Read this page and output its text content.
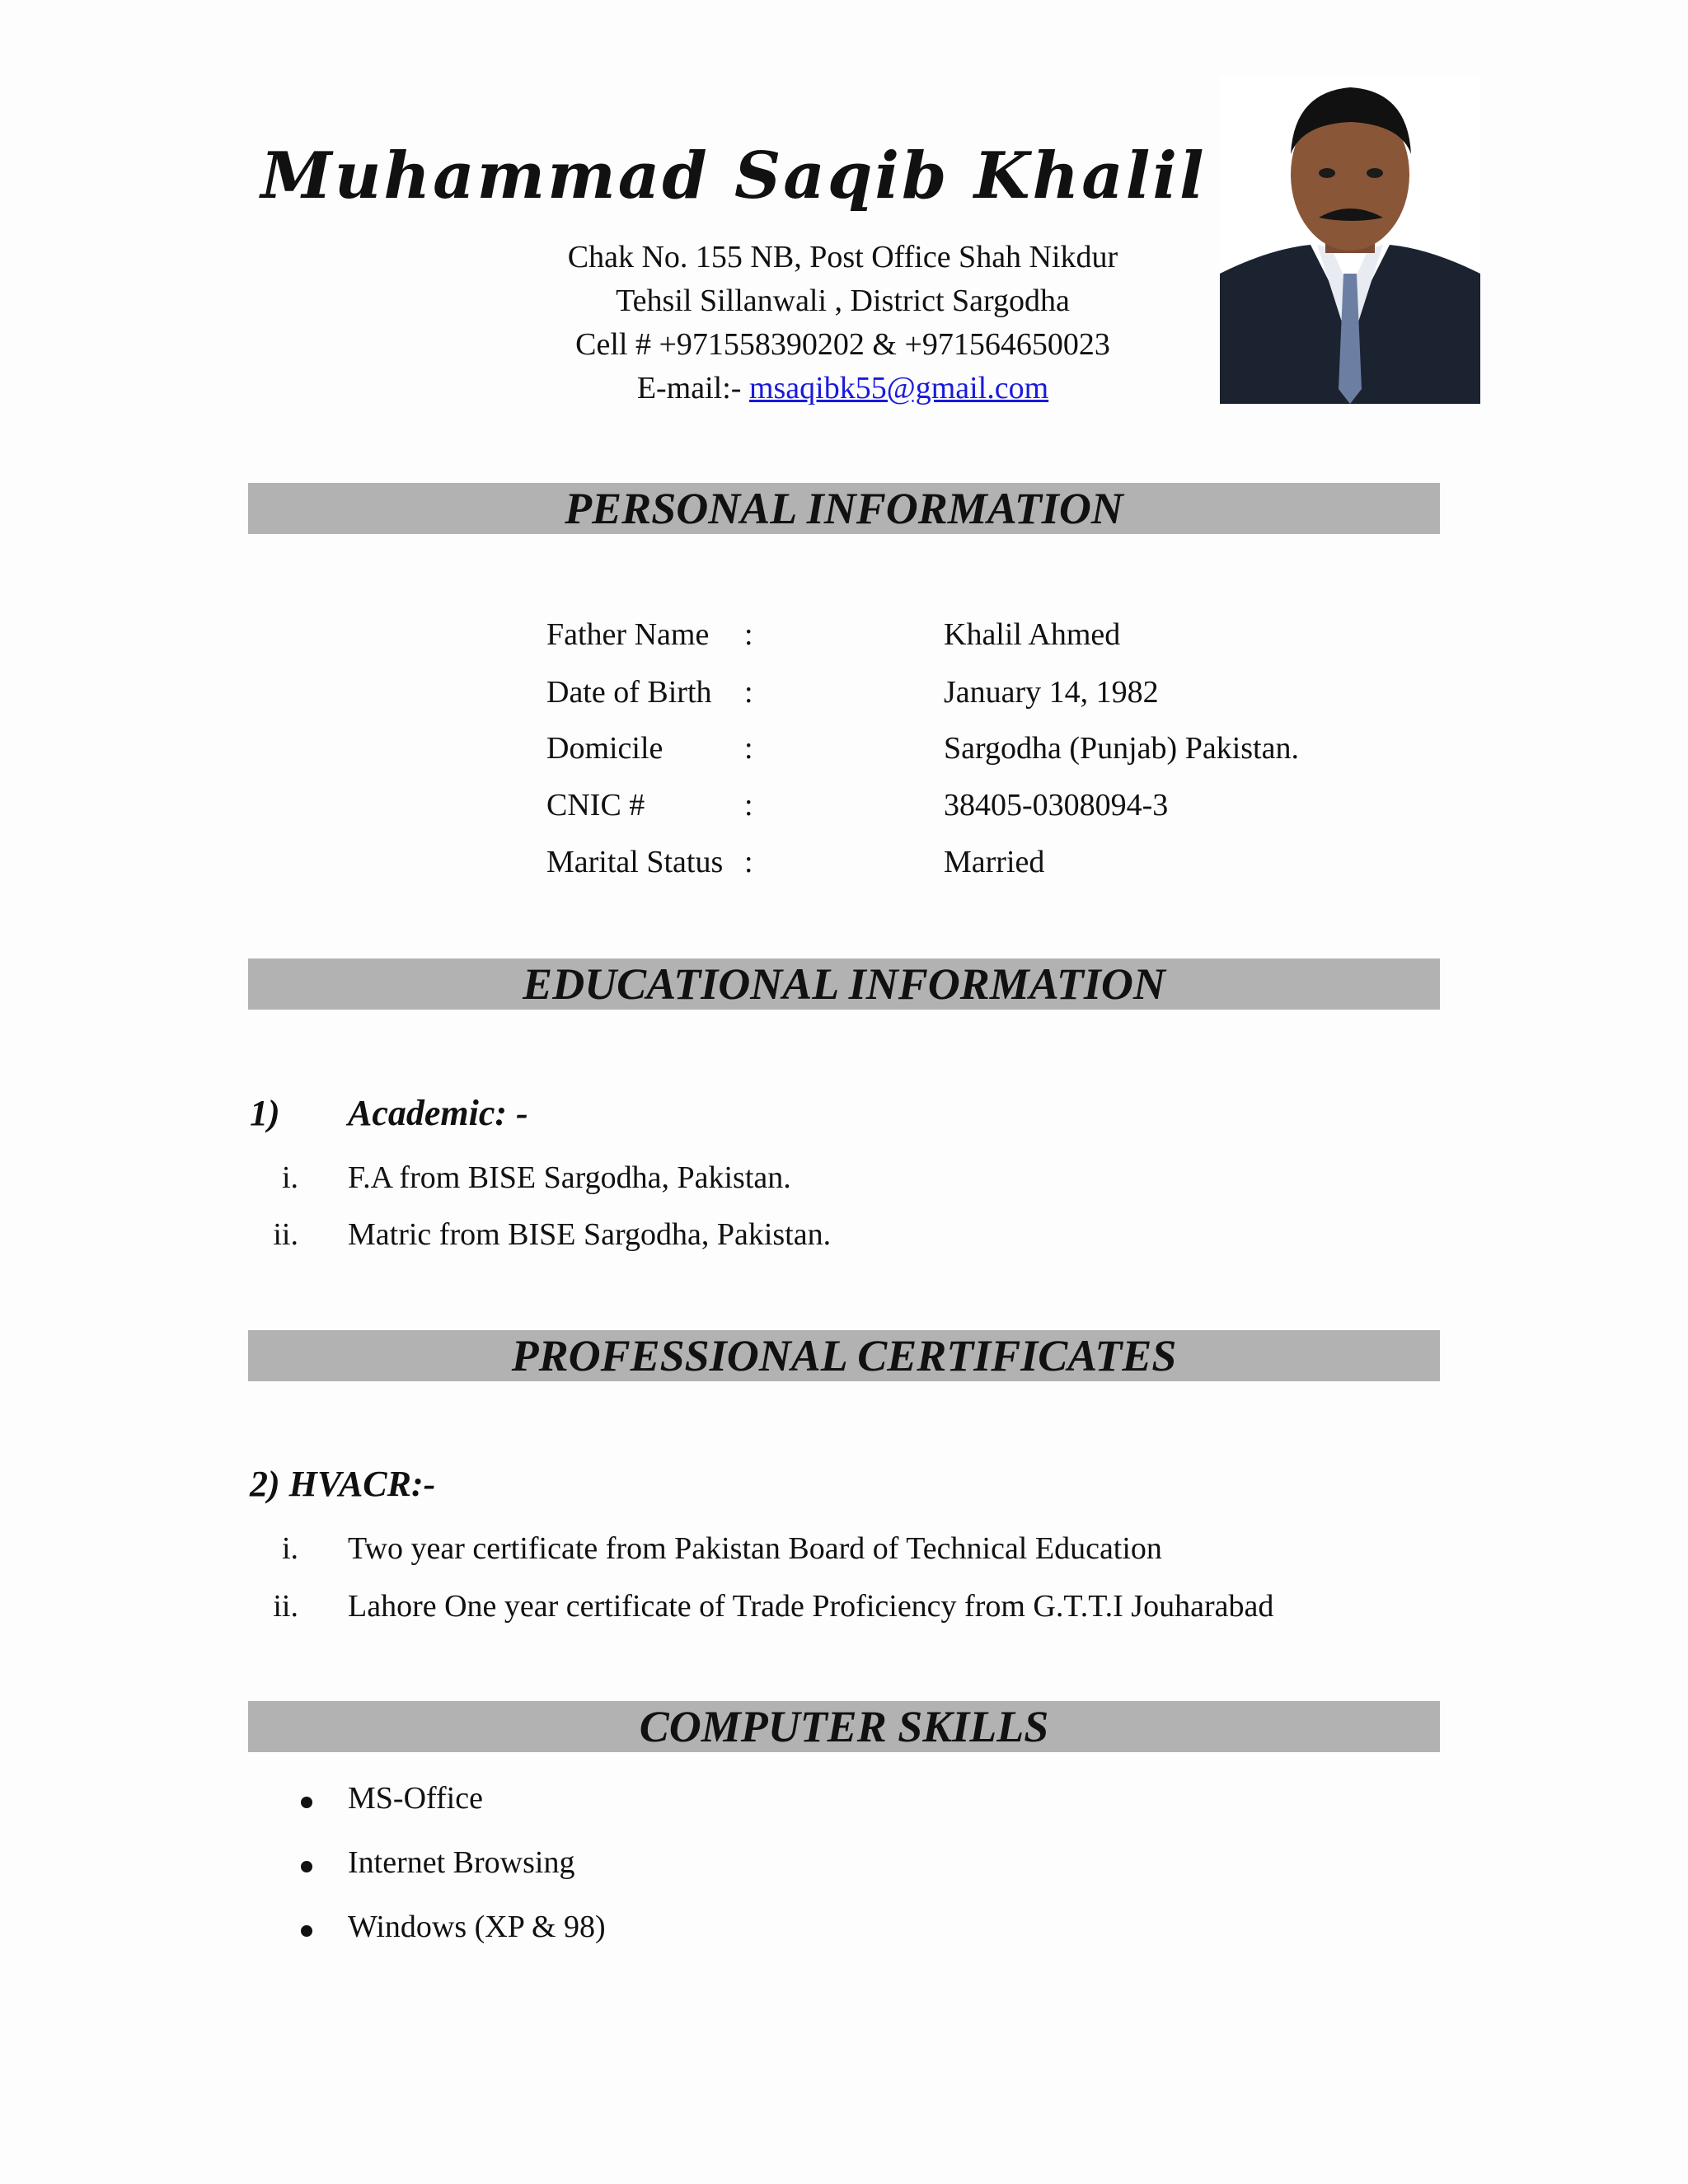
Muhammad Saqib Khalil
Chak No. 155 NB, Post Office Shah Nikdur
Tehsil Sillanwali , District Sargodha
Cell # +971558390202 & +971564650023
E-mail:- msaqibk55@gmail.com
PERSONAL INFORMATION
Father Name :	Khalil Ahmed
Date of Birth :	January 14, 1982
Domicile	:	Sargodha (Punjab) Pakistan.
CNIC #	:	38405-0308094-3
Marital Status :	Married
EDUCATIONAL INFORMATION
1) Academic: -
i. F.A from BISE Sargodha, Pakistan.
ii. Matric from BISE Sargodha, Pakistan.
PROFESSIONAL CERTIFICATES
2) HVACR:-
i. Two year certificate from Pakistan Board of Technical Education
ii. Lahore One year certificate of Trade Proficiency from G.T.T.I Jouharabad
COMPUTER SKILLS
MS-Office
Internet Browsing
Windows (XP & 98)
